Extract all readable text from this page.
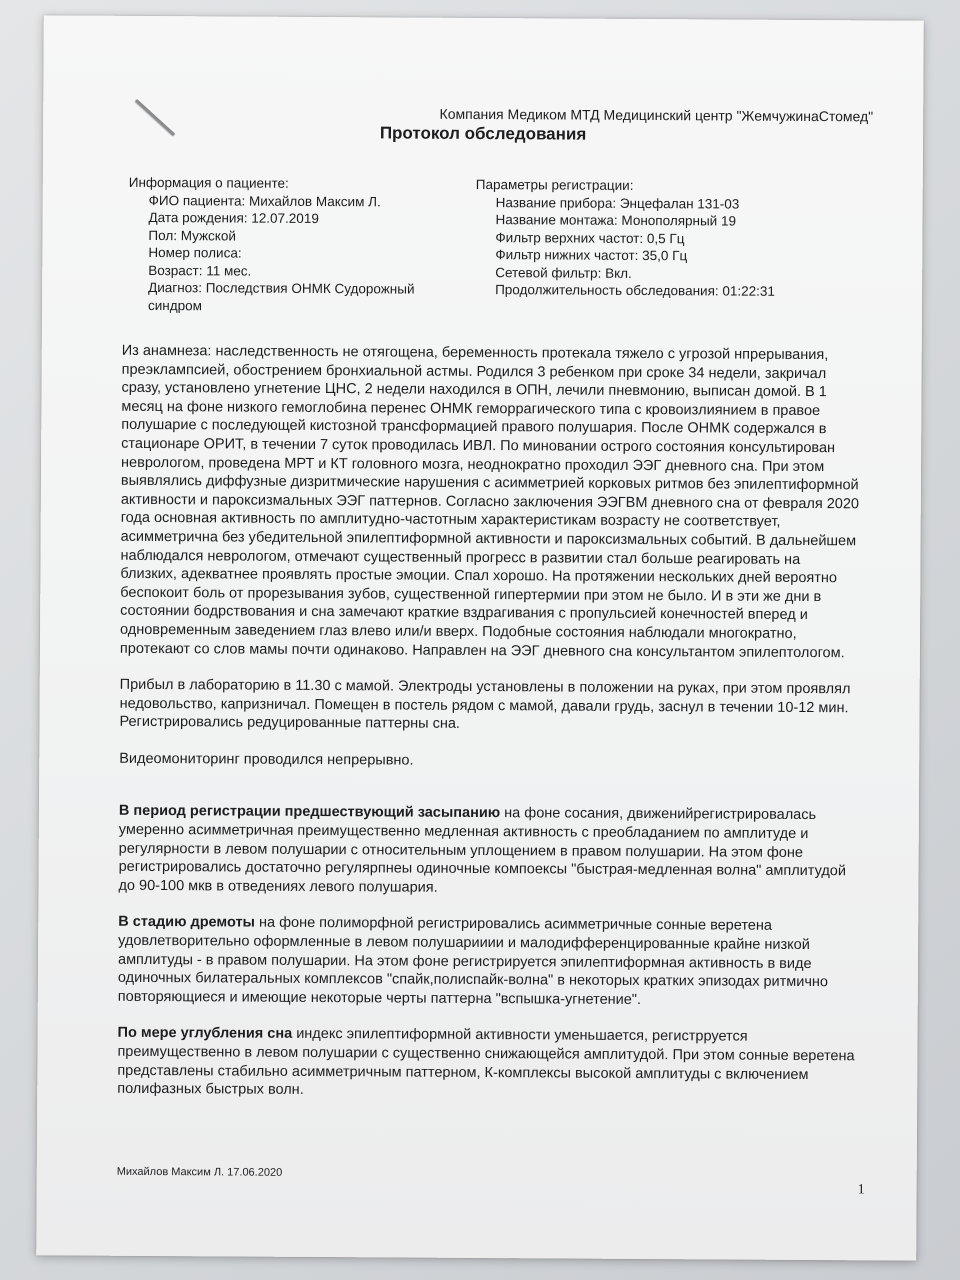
Компания Медиком МТД Медицинский центр "ЖемчужинаСтомед"
Протокол обследования
Информация о пациенте:
ФИО пациента: Михайлов Максим Л.
Дата рождения: 12.07.2019
Пол: Мужской
Номер полиса:
Возраст: 11 мес.
Диагноз: Последствия ОНМК Судорожный синдром
Параметры регистрации:
Название прибора: Энцефалан 131-03
Название монтажа: Монополярный 19
Фильтр верхних частот: 0,5 Гц
Фильтр нижних частот: 35,0 Гц
Сетевой фильтр: Вкл.
Продолжительность обследования: 01:22:31

Из анамнеза: наследственность не отягощена, беременность протекала тяжело с угрозой нпрерывания, преэклампсией, обострением бронхиальной астмы. Родился 3 ребенком при сроке 34 недели, закричал сразу, установлено угнетение ЦНС, 2 недели находился в ОПН, лечили пневмонию, выписан домой. В 1 месяц на фоне низкого гемоглобина перенес ОНМК геморрагического типа с кровоизлиянием в правое полушарие с последующей кистозной трансформацией правого полушария. После ОНМК содержался в стационаре ОРИТ, в течении 7 суток проводилась ИВЛ. По миновании острого состояния консультирован неврологом, проведена МРТ и КТ головного мозга, неоднократно проходил ЭЭГ дневного сна. При этом выявлялись диффузные дизритмические нарушения с асимметрией корковых ритмов без эпилептиформной активности и пароксизмальных ЭЭГ паттернов. Согласно заключения ЭЭГВМ дневного сна от февраля 2020 года основная активность по амплитудно-частотным характеристикам возрасту не соответствует, асимметрична без убедительной эпилептиформной активности и пароксизмальных событий. В дальнейшем наблюдался неврологом, отмечают существенный прогресс в развитии стал больше реагировать на близких, адекватнее проявлять простые эмоции. Спал хорошо. На протяжении нескольких дней вероятно беспокоит боль от прорезывания зубов, существенной гипертермии при этом не было. И в эти же дни в состоянии бодрствования и сна замечают краткие вздрагивания с пропульсией конечностей вперед и одновременным заведением глаз влево или/и вверх. Подобные состояния наблюдали многократно, протекают со слов мамы почти одинаково. Направлен на ЭЭГ дневного сна консультантом эпилептологом.

Прибыл в лабораторию в 11.30 с мамой. Электроды установлены в положении на руках, при этом проявлял недовольство, капризничал. Помещен в постель рядом с мамой, давали грудь, заснул в течении 10-12 мин. Регистрировались редуцированные паттерны сна.

Видеомониторинг проводился непрерывно.

В период регистрации предшествующий засыпанию на фоне сосания, движенийрегистрировалась умеренно асимметричная преимущественно медленная активность с преобладанием по амплитуде и регулярности в левом полушарии с относительным уплощением в правом полушарии. На этом фоне регистрировались достаточно регулярпнеы одиночные компоексы "быстрая-медленная волна" амплитудой до 90-100 мкв в отведениях левого полушария.

В стадию дремоты на фоне полиморфной регистрировались асимметричные сонные веретена удовлетворительно оформленные в левом полушарииии и малодифференцированные крайне низкой амплитуды - в правом полушарии. На этом фоне регистрируется эпилептиформная активность в виде одиночных билатеральных комплексов "спайк,полиспайк-волна" в некоторых кратких эпизодах ритмично повторяющиеся и имеющие некоторые черты паттерна "вспышка-угнетение".

По мере углубления сна индекс эпилептиформной активности уменьшается, регистрруется преимущественно в левом полушарии с существенно снижающейся амплитудой. При этом сонные веретена представлены стабильно асимметричным паттерном, К-комплексы высокой амплитуды с включением полифазных быстрых волн.

Михайлов Максим Л. 17.06.2020
1
